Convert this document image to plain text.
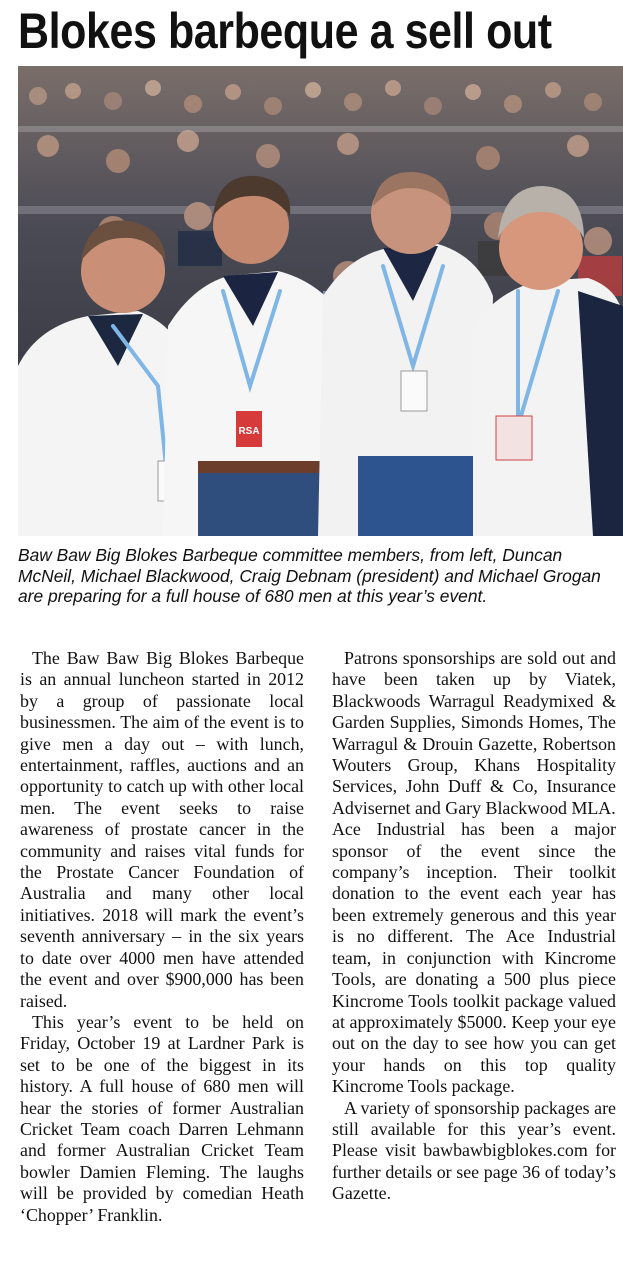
Blokes barbeque a sell out
RSA
Baw Baw Big Blokes Barbeque committee members, from left, Duncan McNeil, Michael Blackwood, Craig Debnam (president) and Michael Grogan are preparing for a full house of 680 men at this year’s event.

The Baw Baw Big Blokes Barbeque is an annual luncheon started in 2012 by a group of passionate local businessmen. The aim of the event is to give men a day out – with lunch, entertainment, raffles, auctions and an opportunity to catch up with other local men. The event seeks to raise awareness of prostate cancer in the community and raises vital funds for the Prostate Cancer Foundation of Australia and many other local initiatives. 2018 will mark the event’s seventh anniversary – in the six years to date over 4000 men have attended the event and over $900,000 has been raised.

This year’s event to be held on Friday, October 19 at Lardner Park is set to be one of the biggest in its history. A full house of 680 men will hear the stories of former Australian Cricket Team coach Darren Lehmann and former Australian Cricket Team bowler Damien Fleming. The laughs will be provided by comedian Heath ‘Chopper’ Franklin.

Patrons sponsorships are sold out and have been taken up by Viatek, Blackwoods Warragul Readymixed & Garden Supplies, Simonds Homes, The Warragul & Drouin Gazette, Robertson Wouters Group, Khans Hospitality Services, John Duff & Co, Insurance Advisernet and Gary Blackwood MLA.

Ace Industrial has been a major sponsor of the event since the company’s inception. Their toolkit donation to the event each year has been extremely generous and this year is no different. The Ace Industrial team, in conjunction with Kincrome Tools, are donating a 500 plus piece Kincrome Tools toolkit package valued at approximately $5000. Keep your eye out on the day to see how you can get your hands on this top quality Kincrome Tools package.

A variety of sponsorship packages are still available for this year’s event. Please visit bawbawbigblokes.com for further details or see page 36 of today’s Gazette.
